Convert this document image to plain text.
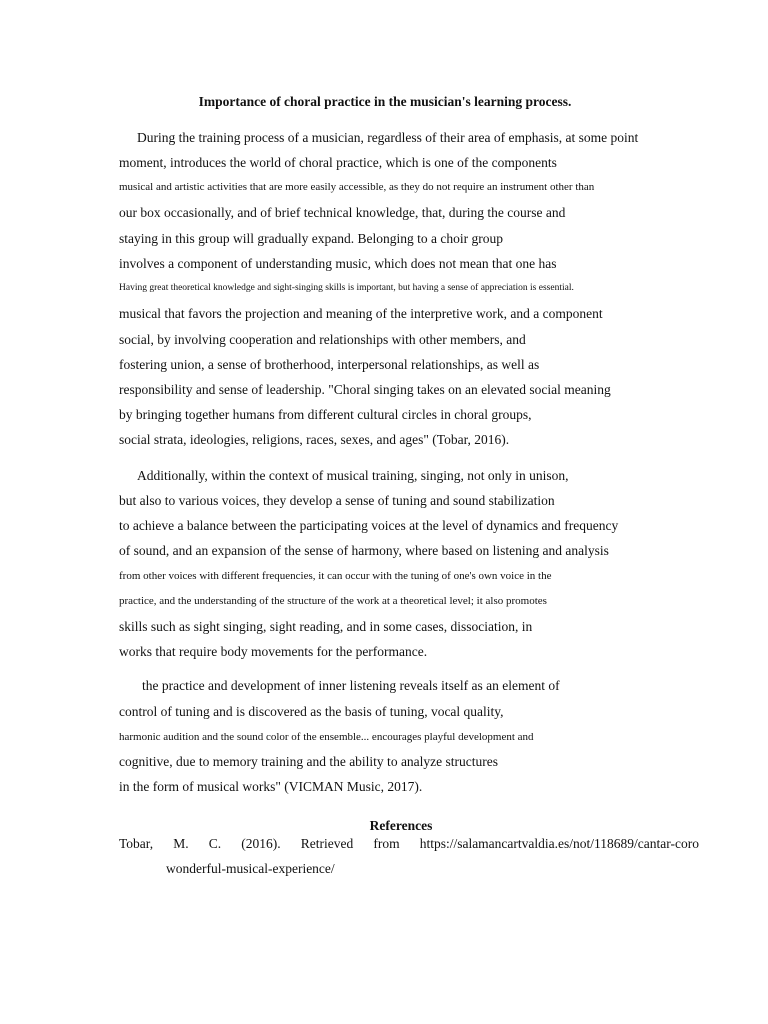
Importance of choral practice in the musician's learning process.
During the training process of a musician, regardless of their area of emphasis, at some point
moment, introduces the world of choral practice, which is one of the components
musical and artistic activities that are more easily accessible, as they do not require an instrument other than
our box occasionally, and of brief technical knowledge, that, during the course and
staying in this group will gradually expand. Belonging to a choir group
involves a component of understanding music, which does not mean that one has
Having great theoretical knowledge and sight-singing skills is important, but having a sense of appreciation is essential.
musical that favors the projection and meaning of the interpretive work, and a component
social, by involving cooperation and relationships with other members, and
fostering union, a sense of brotherhood, interpersonal relationships, as well as
responsibility and sense of leadership. "Choral singing takes on an elevated social meaning
by bringing together humans from different cultural circles in choral groups,
social strata, ideologies, religions, races, sexes, and ages" (Tobar, 2016).
Additionally, within the context of musical training, singing, not only in unison,
but also to various voices, they develop a sense of tuning and sound stabilization
to achieve a balance between the participating voices at the level of dynamics and frequency
of sound, and an expansion of the sense of harmony, where based on listening and analysis
from other voices with different frequencies, it can occur with the tuning of one's own voice in the
practice, and the understanding of the structure of the work at a theoretical level; it also promotes
skills such as sight singing, sight reading, and in some cases, dissociation, in
works that require body movements for the performance.
the practice and development of inner listening reveals itself as an element of
control of tuning and is discovered as the basis of tuning, vocal quality,
harmonic audition and the sound color of the ensemble... encourages playful development and
cognitive, due to memory training and the ability to analyze structures
in the form of musical works" (VICMAN Music, 2017).
References
Tobar, M. C. (2016). Retrieved from https://salamancartvaldia.es/not/118689/cantar-coro
wonderful-musical-experience/
